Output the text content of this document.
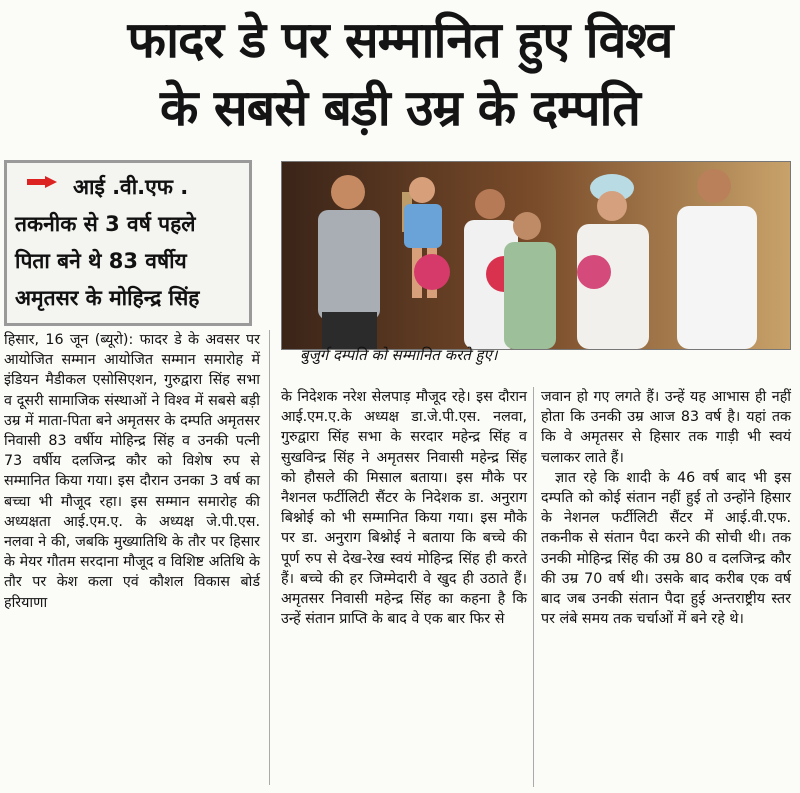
फादर डे पर सम्मानित हुए विश्व
के सबसे बड़ी उम्र के दम्पति
आई .वी.एफ .
तकनीक से 3 वर्ष पहले
पिता बने थे 83 वर्षीय
अमृतसर के मोहिन्द्र सिंह
बुजुर्ग दम्पति को सम्मानित करते हुए।

हिसार, 16 जून (ब्यूरो): फादर डे के अवसर पर आयोजित सम्मान आयोजित सम्मान समारोह में इंडियन मैडीकल एसोसिएशन, गुरुद्वारा सिंह सभा व दूसरी सामाजिक संस्थाओं ने विश्व में सबसे बड़ी उम्र में माता-पिता बने अमृतसर के दम्पति अमृतसर निवासी 83 वर्षीय मोहिन्द्र सिंह व उनकी पत्नी 73 वर्षीय दलजिन्द्र कौर को विशेष रुप से सम्मानित किया गया। इस दौरान उनका 3 वर्ष का बच्चा भी मौजूद रहा। इस सम्मान समारोह की अध्यक्षता आई.एम.ए. के अध्यक्ष जे.पी.एस. नलवा ने की, जबकि मुख्यातिथि के तौर पर हिसार के मेयर गौतम सरदाना मौजूद व विशिष्ट अतिथि के तौर पर केश कला एवं कौशल विकास बोर्ड हरियाणा

के निदेशक नरेश सेलपाड़ मौजूद रहे। इस दौरान आई.एम.ए.के अध्यक्ष डा.जे.पी.एस. नलवा, गुरुद्वारा सिंह सभा के सरदार महेन्द्र सिंह व सुखविन्द्र सिंह ने अमृतसर निवासी महेन्द्र सिंह को हौसले की मिसाल बताया। इस मौके पर नैशनल फर्टीलिटी सैंटर के निदेशक डा. अनुराग बिश्नोई को भी सम्मानित किया गया। इस मौके पर डा. अनुराग बिश्नोई ने बताया कि बच्चे की पूर्ण रुप से देख-रेख स्वयं मोहिन्द्र सिंह ही करते हैं। बच्चे की हर जिम्मेदारी वे खुद ही उठाते हैं।अमृतसर निवासी महेन्द्र सिंह का कहना है कि उन्हें संतान प्राप्ति के बाद वे एक बार फिर से

जवान हो गए लगते हैं। उन्हें यह आभास ही नहीं होता कि उनकी उम्र आज 83 वर्ष है। यहां तक कि वे अमृतसर से हिसार तक गाड़ी भी स्वयं चलाकर लाते हैं।

ज्ञात रहे कि शादी के 46 वर्ष बाद भी इस दम्पति को कोई संतान नहीं हुई तो उन्होंने हिसार के नेशनल फर्टीलिटी सैंटर में आई.वी.एफ. तकनीक से संतान पैदा करने की सोची थी। तक उनकी मोहिन्द्र सिंह की उम्र 80 व दलजिन्द्र कौर की उम्र 70 वर्ष थी। उसके बाद करीब एक वर्ष बाद जब उनकी संतान पैदा हुई अन्तराष्ट्रीय स्तर पर लंबे समय तक चर्चाओं में बने रहे थे।
